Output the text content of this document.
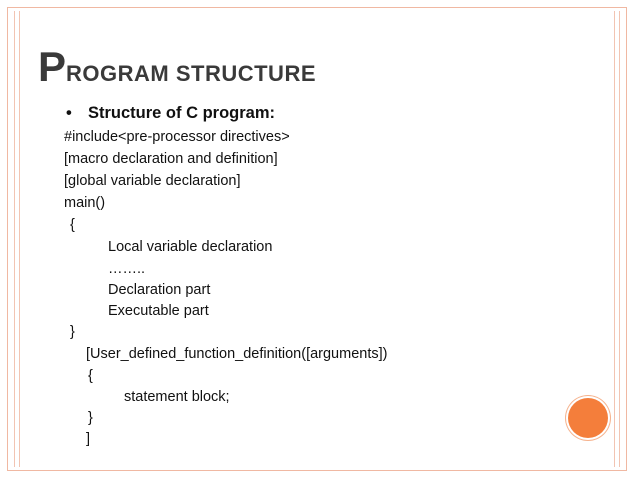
PROGRAM STRUCTURE
• Structure of C program:
#include<pre-processor directives>
[macro declaration and definition]
[global variable declaration]
main()
{
Local variable declaration
……..
Declaration part
Executable part
}
[User_defined_function_definition([arguments])
{
statement block;
}
]
